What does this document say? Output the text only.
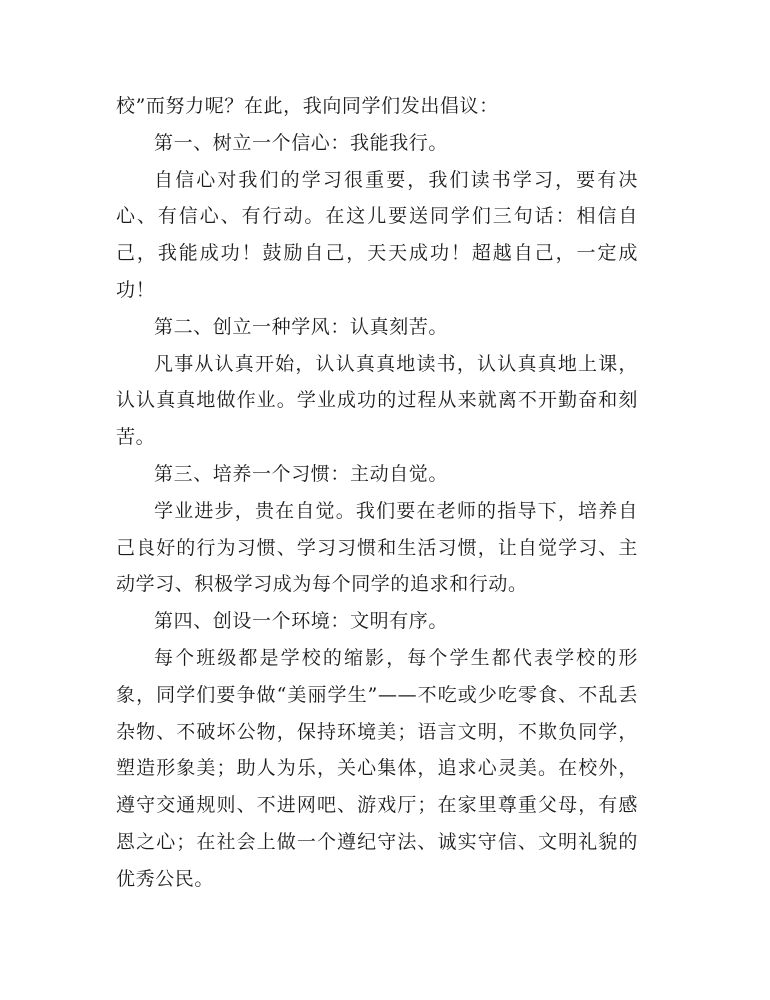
校”而努力呢？在此，我向同学们发出倡议：

第一、树立一个信心：我能我行。

自信心对我们的学习很重要，我们读书学习，要有决心、有信心、有行动。在这儿要送同学们三句话：相信自己，我能成功！鼓励自己，天天成功！超越自己，一定成功！

第二、创立一种学风：认真刻苦。

凡事从认真开始，认认真真地读书，认认真真地上课，认认真真地做作业。学业成功的过程从来就离不开勤奋和刻苦。

第三、培养一个习惯：主动自觉。

学业进步，贵在自觉。我们要在老师的指导下，培养自己良好的行为习惯、学习习惯和生活习惯，让自觉学习、主动学习、积极学习成为每个同学的追求和行动。

第四、创设一个环境：文明有序。

每个班级都是学校的缩影，每个学生都代表学校的形象，同学们要争做“美丽学生”——不吃或少吃零食、不乱丢杂物、不破坏公物，保持环境美；语言文明，不欺负同学，塑造形象美；助人为乐，关心集体，追求心灵美。在校外，遵守交通规则、不进网吧、游戏厅；在家里尊重父母，有感恩之心；在社会上做一个遵纪守法、诚实守信、文明礼貌的优秀公民。
